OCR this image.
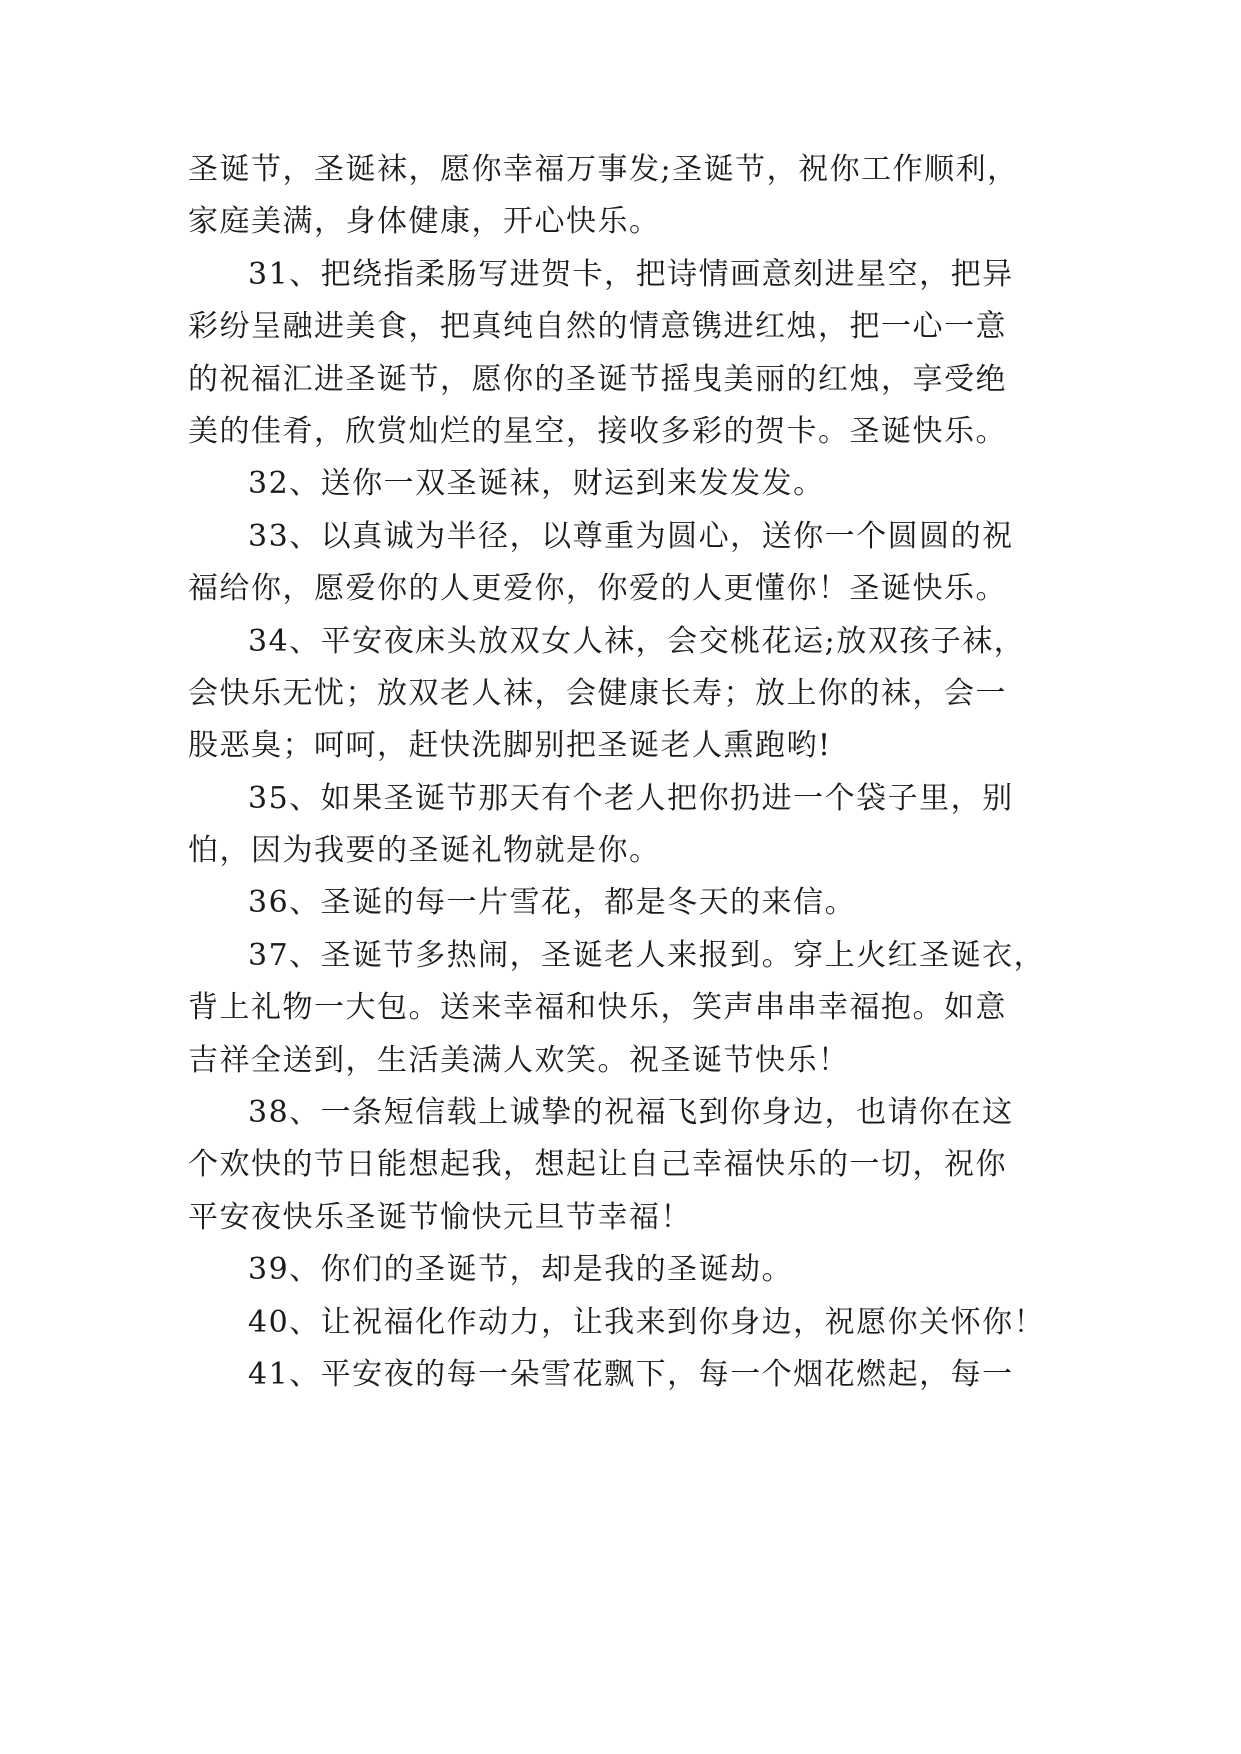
圣诞节，圣诞袜，愿你幸福万事发;圣诞节，祝你工作顺利，
家庭美满，身体健康，开心快乐。
31、把绕指柔肠写进贺卡，把诗情画意刻进星空，把异
彩纷呈融进美食，把真纯自然的情意镌进红烛，把一心一意
的祝福汇进圣诞节，愿你的圣诞节摇曳美丽的红烛，享受绝
美的佳肴，欣赏灿烂的星空，接收多彩的贺卡。圣诞快乐。
32、送你一双圣诞袜，财运到来发发发。
33、以真诚为半径，以尊重为圆心，送你一个圆圆的祝
福给你，愿爱你的人更爱你，你爱的人更懂你！圣诞快乐。
34、平安夜床头放双女人袜，会交桃花运;放双孩子袜，
会快乐无忧；放双老人袜，会健康长寿；放上你的袜，会一
股恶臭；呵呵，赶快洗脚别把圣诞老人熏跑哟!
35、如果圣诞节那天有个老人把你扔进一个袋子里，别
怕，因为我要的圣诞礼物就是你。
36、圣诞的每一片雪花，都是冬天的来信。
37、圣诞节多热闹，圣诞老人来报到。穿上火红圣诞衣，
背上礼物一大包。送来幸福和快乐，笑声串串幸福抱。如意
吉祥全送到，生活美满人欢笑。祝圣诞节快乐！
38、一条短信载上诚挚的祝福飞到你身边，也请你在这
个欢快的节日能想起我，想起让自己幸福快乐的一切，祝你
平安夜快乐圣诞节愉快元旦节幸福！
39、你们的圣诞节，却是我的圣诞劫。
40、让祝福化作动力，让我来到你身边，祝愿你关怀你！
41、平安夜的每一朵雪花飘下，每一个烟花燃起，每一
